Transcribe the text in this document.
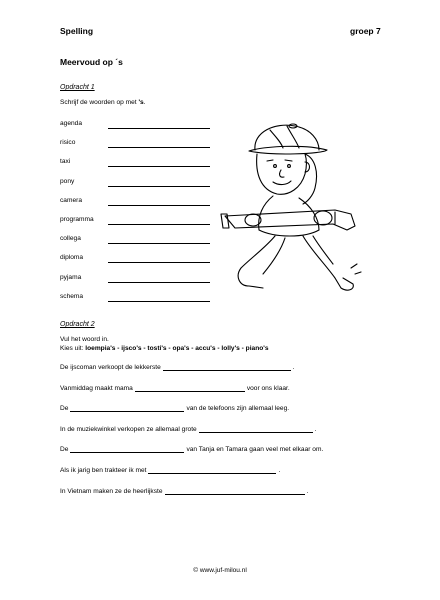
Spelling	groep 7
Meervoud op ´s
Opdracht 1
Schrijf de woorden op met 's.
agenda
risico
taxi
pony
camera
programma
collega
diploma
pyjama
schema
Opdracht 2
Vul het woord in.
Kies uit: loempia's - ijsco's - tosti's - opa's - accu's - lolly's - piano's
De ijscoman verkoopt de lekkerste	.
Vanmiddag maakt mama	voor ons klaar.
De	van de telefoons zijn allemaal leeg.
In de muziekwinkel verkopen ze allemaal grote	.
De	van Tanja en Tamara gaan veel met elkaar om.
Als ik jarig ben trakteer ik met	.
In Vietnam maken ze de heerlijkste	.
© www.juf-milou.nl
